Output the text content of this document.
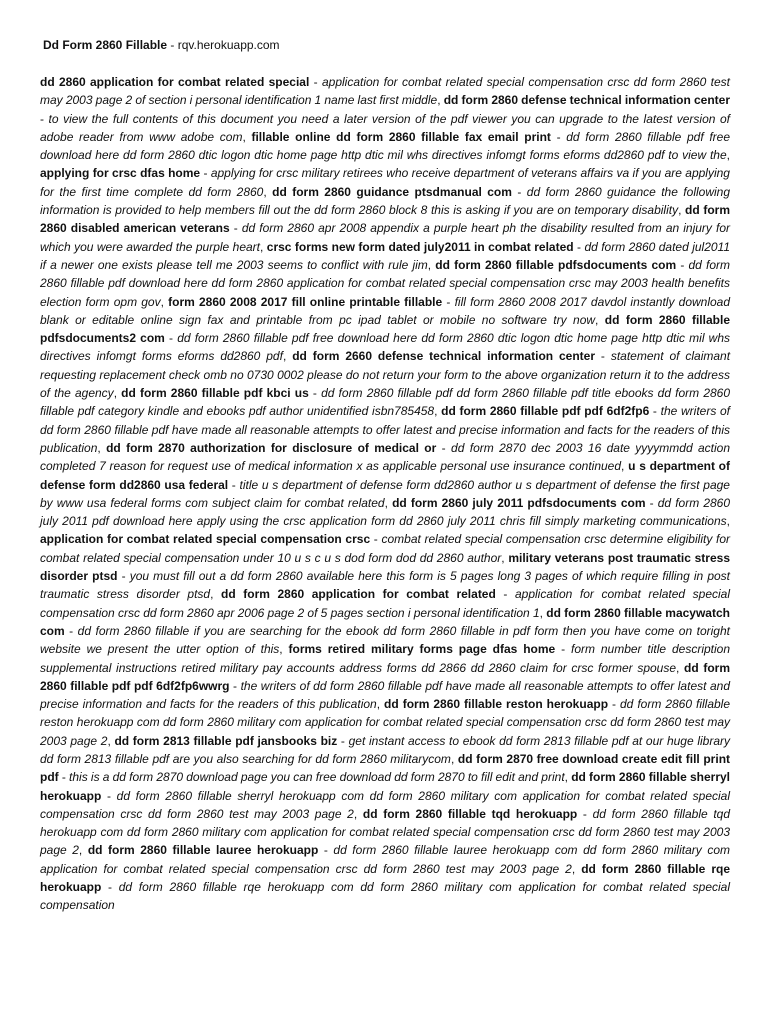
Dd Form 2860 Fillable - rqv.herokuapp.com
dd 2860 application for combat related special - application for combat related special compensation crsc dd form 2860 test may 2003 page 2 of section i personal identification 1 name last first middle, dd form 2860 defense technical information center - to view the full contents of this document you need a later version of the pdf viewer you can upgrade to the latest version of adobe reader from www adobe com, fillable online dd form 2860 fillable fax email print - dd form 2860 fillable pdf free download here dd form 2860 dtic logon dtic home page http dtic mil whs directives infomgt forms eforms dd2860 pdf to view the, applying for crsc dfas home - applying for crsc military retirees who receive department of veterans affairs va if you are applying for the first time complete dd form 2860, dd form 2860 guidance ptsdmanual com - dd form 2860 guidance the following information is provided to help members fill out the dd form 2860 block 8 this is asking if you are on temporary disability, dd form 2860 disabled american veterans - dd form 2860 apr 2008 appendix a purple heart ph the disability resulted from an injury for which you were awarded the purple heart, crsc forms new form dated july2011 in combat related - dd form 2860 dated jul2011 if a newer one exists please tell me 2003 seems to conflict with rule jim, dd form 2860 fillable pdfsdocuments com - dd form 2860 fillable pdf download here dd form 2860 application for combat related special compensation crsc may 2003 health benefits election form opm gov, form 2860 2008 2017 fill online printable fillable - fill form 2860 2008 2017 davdol instantly download blank or editable online sign fax and printable from pc ipad tablet or mobile no software try now, dd form 2860 fillable pdfsdocuments2 com - dd form 2860 fillable pdf free download here dd form 2860 dtic logon dtic home page http dtic mil whs directives infomgt forms eforms dd2860 pdf, dd form 2660 defense technical information center - statement of claimant requesting replacement check omb no 0730 0002 please do not return your form to the above organization return it to the address of the agency, dd form 2860 fillable pdf kbci us - dd form 2860 fillable pdf dd form 2860 fillable pdf title ebooks dd form 2860 fillable pdf category kindle and ebooks pdf author unidentified isbn785458, dd form 2860 fillable pdf pdf 6df2fp6 - the writers of dd form 2860 fillable pdf have made all reasonable attempts to offer latest and precise information and facts for the readers of this publication, dd form 2870 authorization for disclosure of medical or - dd form 2870 dec 2003 16 date yyyymmdd action completed 7 reason for request use of medical information x as applicable personal use insurance continued, u s department of defense form dd2860 usa federal - title u s department of defense form dd2860 author u s department of defense the first page by www usa federal forms com subject claim for combat related, dd form 2860 july 2011 pdfsdocuments com - dd form 2860 july 2011 pdf download here apply using the crsc application form dd 2860 july 2011 chris fill simply marketing communications, application for combat related special compensation crsc - combat related special compensation crsc determine eligibility for combat related special compensation under 10 u s c u s dod form dod dd 2860 author, military veterans post traumatic stress disorder ptsd - you must fill out a dd form 2860 available here this form is 5 pages long 3 pages of which require filling in post traumatic stress disorder ptsd, dd form 2860 application for combat related - application for combat related special compensation crsc dd form 2860 apr 2006 page 2 of 5 pages section i personal identification 1, dd form 2860 fillable macywatch com - dd form 2860 fillable if you are searching for the ebook dd form 2860 fillable in pdf form then you have come on toright website we present the utter option of this, forms retired military forms page dfas home - form number title description supplemental instructions retired military pay accounts address forms dd 2866 dd 2860 claim for crsc former spouse, dd form 2860 fillable pdf pdf 6df2fp6wwrg - the writers of dd form 2860 fillable pdf have made all reasonable attempts to offer latest and precise information and facts for the readers of this publication, dd form 2860 fillable reston herokuapp - dd form 2860 fillable reston herokuapp com dd form 2860 military com application for combat related special compensation crsc dd form 2860 test may 2003 page 2, dd form 2813 fillable pdf jansbooks biz - get instant access to ebook dd form 2813 fillable pdf at our huge library dd form 2813 fillable pdf are you also searching for dd form 2860 militarycom, dd form 2870 free download create edit fill print pdf - this is a dd form 2870 download page you can free download dd form 2870 to fill edit and print, dd form 2860 fillable sherryl herokuapp - dd form 2860 fillable sherryl herokuapp com dd form 2860 military com application for combat related special compensation crsc dd form 2860 test may 2003 page 2, dd form 2860 fillable tqd herokuapp - dd form 2860 fillable tqd herokuapp com dd form 2860 military com application for combat related special compensation crsc dd form 2860 test may 2003 page 2, dd form 2860 fillable lauree herokuapp - dd form 2860 fillable lauree herokuapp com dd form 2860 military com application for combat related special compensation crsc dd form 2860 test may 2003 page 2, dd form 2860 fillable rqe herokuapp - dd form 2860 fillable rqe herokuapp com dd form 2860 military com application for combat related special compensation
